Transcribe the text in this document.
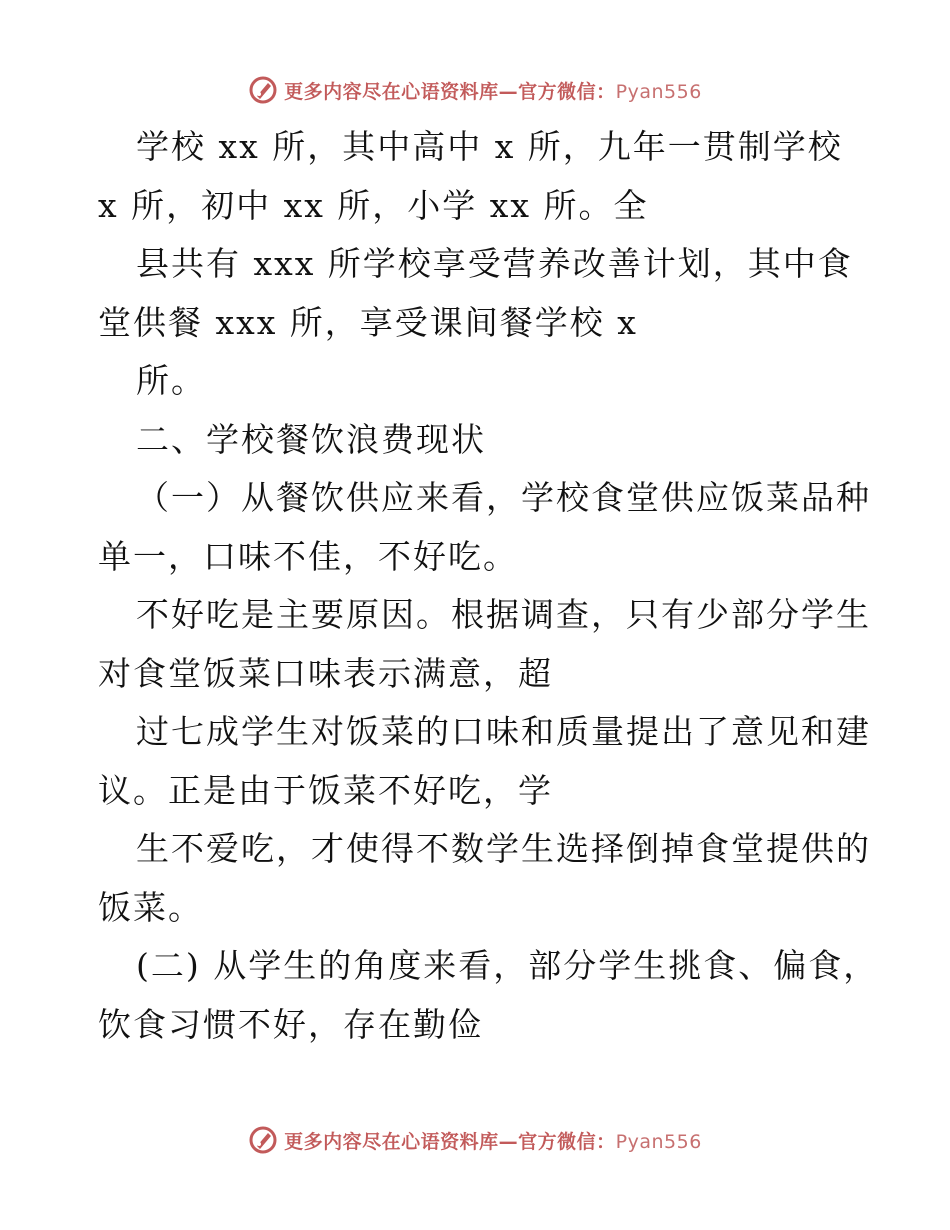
更多内容尽在心语资料库—官方微信：Pyan556

学校 xx 所，其中高中 x 所，九年一贯制学校

x 所，初中 xx 所，小学 xx 所。全

县共有 xxx 所学校享受营养改善计划，其中食

堂供餐 xxx 所，享受课间餐学校 x

所。

二、学校餐饮浪费现状

（一）从餐饮供应来看，学校食堂供应饭菜品种

单一，口味不佳，不好吃。

不好吃是主要原因。根据调查，只有少部分学生

对食堂饭菜口味表示满意，超

过七成学生对饭菜的口味和质量提出了意见和建

议。正是由于饭菜不好吃，学

生不爱吃，才使得不数学生选择倒掉食堂提供的

饭菜。

(二) 从学生的角度来看，部分学生挑食、偏食，

饮食习惯不好，存在勤俭

更多内容尽在心语资料库—官方微信：Pyan556
